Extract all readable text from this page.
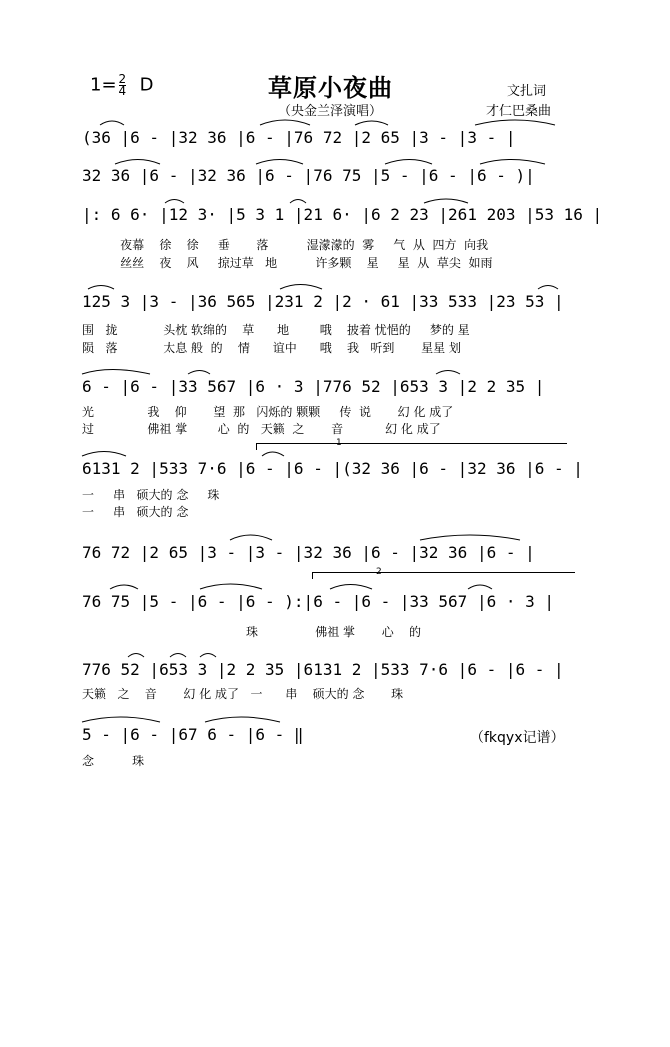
$1= \frac{2}{4}$ D	草原小夜曲
（央金兰泽演唱）
文扎词
才仁巴桑曲
(36 |6 - |32 36 |6 - |76 72 |2 65 |3 - |3 - |
32 36 |6 - |32 36 |6 - |76 75 |5 - |6 - |6 - )|
|: 6 6· |12 3· |5 3 1 |21 6· |6 2 23 |261 203 |53 16 |
夜幕    徐    徐     垂       落          湿濛濛的  雾     气  从  四方  向我
丝丝    夜    风     掠过草   地          许多颗    星     星  从  草尖  如雨
125 3 |3 - |36 565 |231 2 |2 · 61 |33 533 |23 53 |
围   拢            头枕 软绵的    草      地        哦    披着 忧悒的     梦的 星
陨   落            太息 般  的    情      谊中      哦    我   听到       星星 划
6 - |6 - |33 567 |6 · 3 |776 52 |653 3 |2 2 35 |
光              我    仰       望  那   闪烁的 颗颗     传  说       幻 化 成了
过              佛祖 掌        心  的   天籁  之       音           幻 化 成了
1
6131 2 |533 7·6 |6 - |6 - |(32 36 |6 - |32 36 |6 - |
一     串   硕大的 念     珠
一     串   硕大的 念
76 72 |2 65 |3 - |3 - |32 36 |6 - |32 36 |6 - |
2
76 75 |5 - |6 - |6 - ):|6 - |6 - |33 567 |6 · 3 |
珠               佛祖 掌       心    的
776 52 |653 3 |2 2 35 |6131 2 |533 7·6 |6 - |6 - |
天籁   之    音       幻 化 成了   一      串    硕大的 念       珠
5 - |6 - |67 6 - |6 - ‖
念          珠
（fkqyx记谱）
